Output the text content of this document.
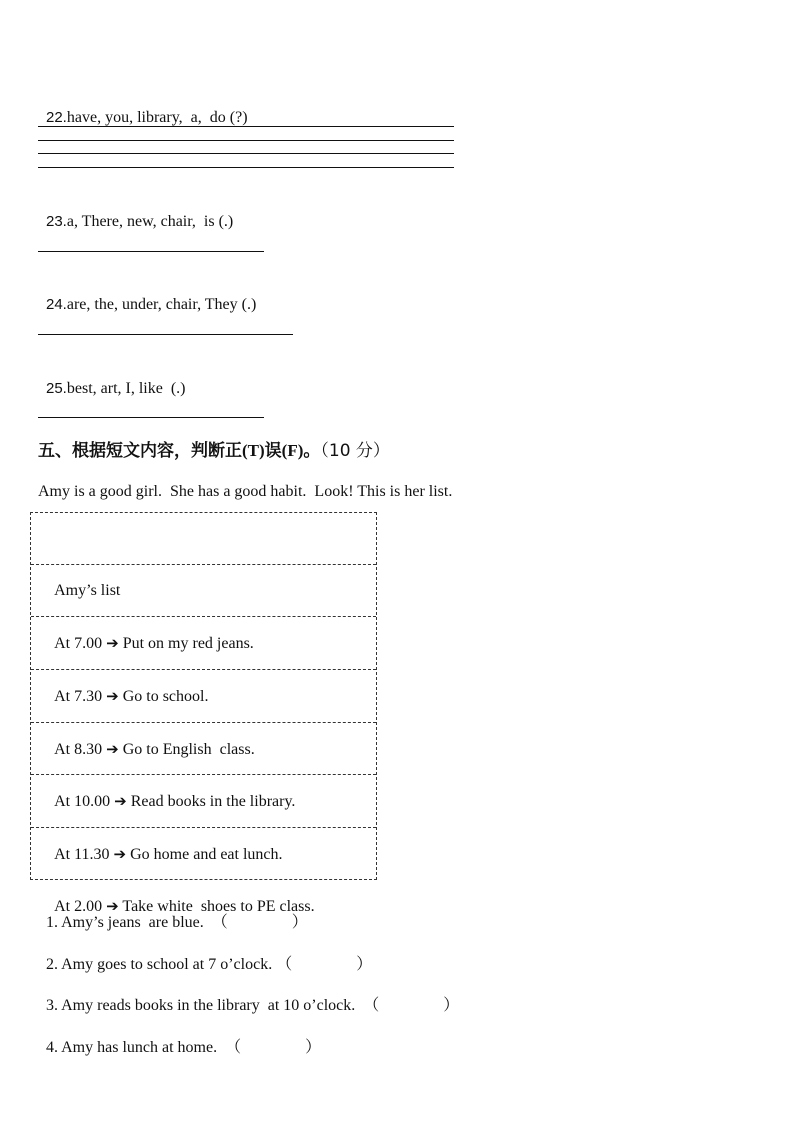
22.have, you, library,  a,  do (?)

23.a, There, new, chair,  is (.)

24.are, the, under, chair, They (.)

25.best, art, I, like  (.)

五、根据短文内容，判断正(T)误(F)。（10 分）
Amy is a good girl.  She has a good habit.  Look! This is her list.

Amy’s list

At 7.00 ➔ Put on my red jeans.

At 7.30 ➔ Go to school.

At 8.30 ➔ Go to English  class.

At 10.00 ➔ Read books in the library.

At 11.30 ➔ Go home and eat lunch.

At 2.00 ➔ Take white  shoes to PE class.

1. Amy’s jeans  are blue. （　　　　）

2. Amy goes to school at 7 o’clock. （　　　　）

3. Amy reads books in the library  at 10 o’clock. （　　　　）

4. Amy has lunch at home. （　　　　）
